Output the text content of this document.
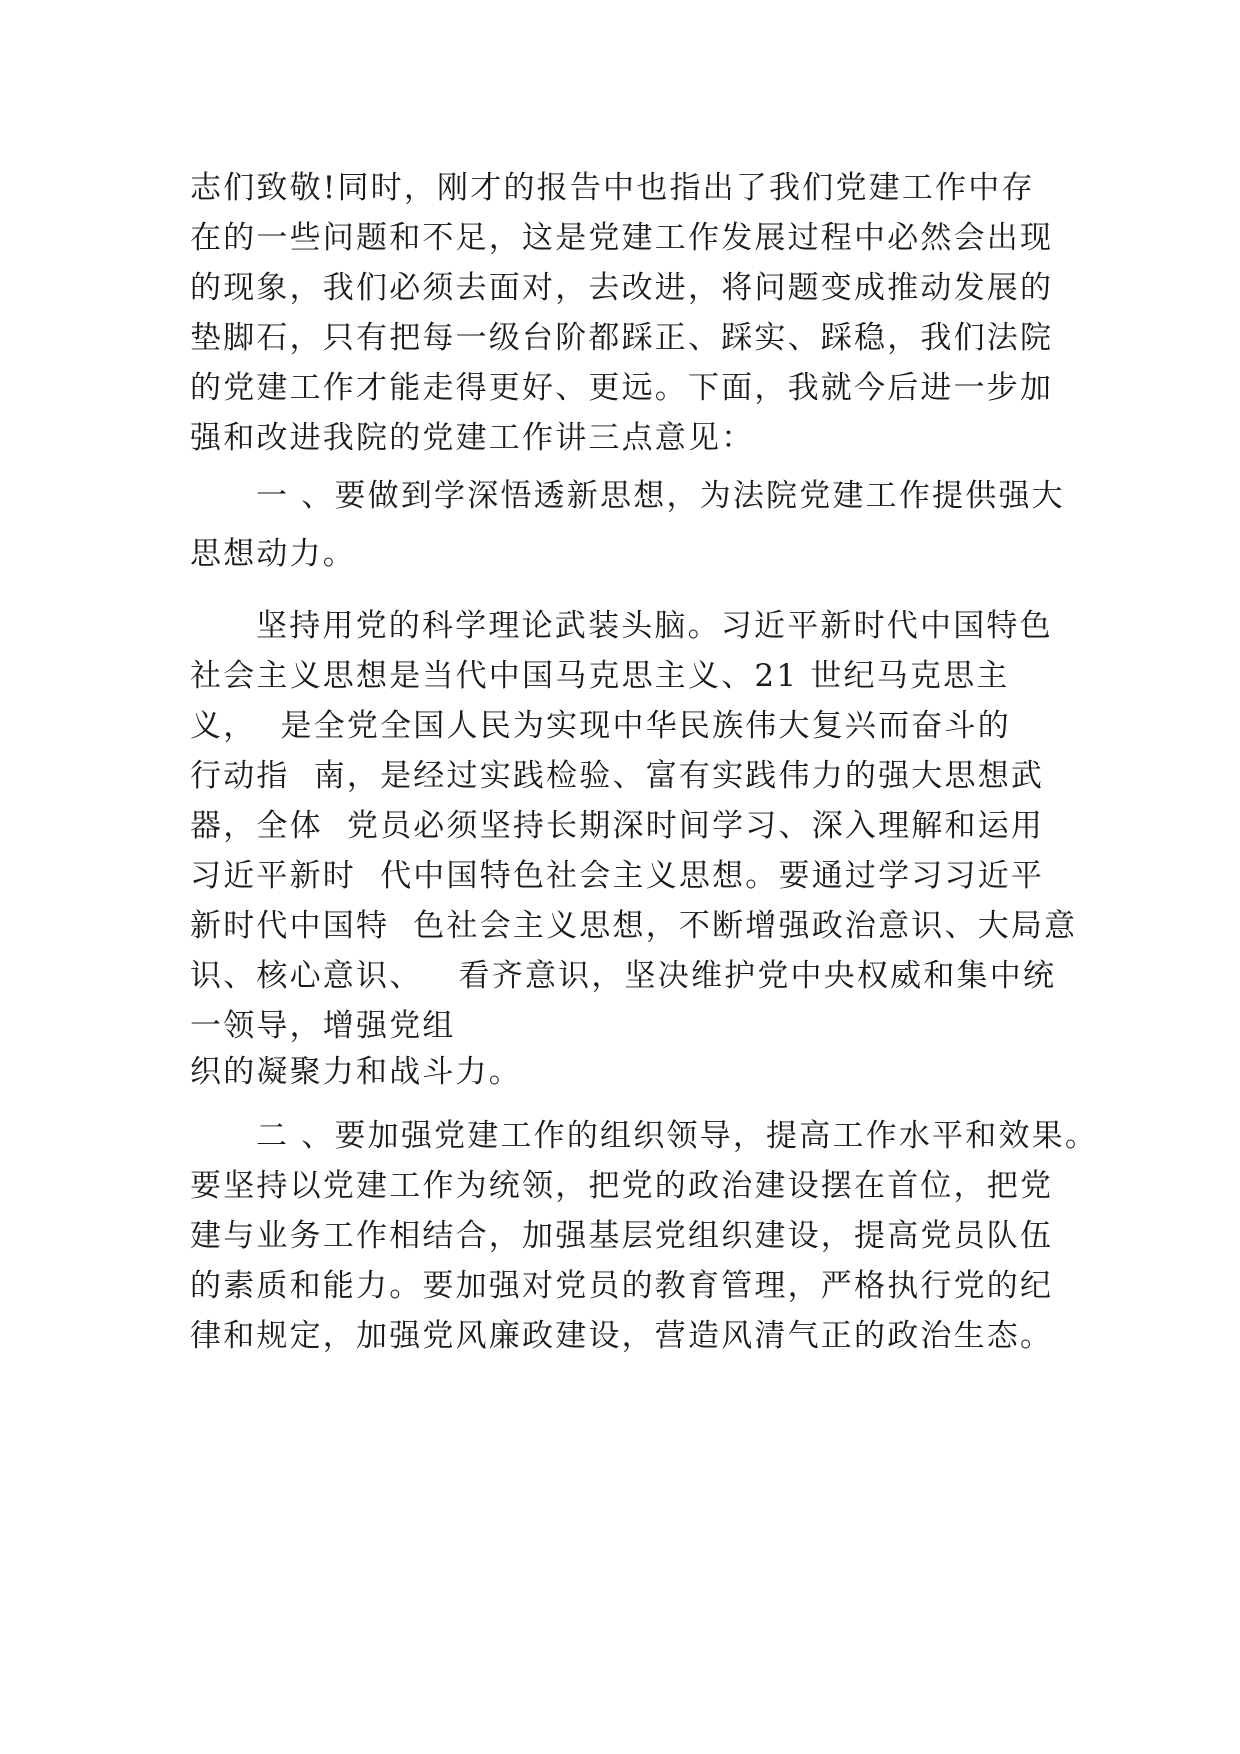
志们致敬!同时，刚才的报告中也指出了我们党建工作中存
在的一些问题和不足，这是党建工作发展过程中必然会出现
的现象，我们必须去面对，去改进，将问题变成推动发展的
垫脚石，只有把每一级台阶都踩正、踩实、踩稳，我们法院
的党建工作才能走得更好、更远。下面，我就今后进一步加
强和改进我院的党建工作讲三点意见：
一 、要做到学深悟透新思想，为法院党建工作提供强大
思想动力。
坚持用党的科学理论武装头脑。习近平新时代中国特色
社会主义思想是当代中国马克思主义、21 世纪马克思主
义，  是全党全国人民为实现中华民族伟大复兴而奋斗的
行动指  南，是经过实践检验、富有实践伟力的强大思想武
器，全体  党员必须坚持长期深时间学习、深入理解和运用
习近平新时  代中国特色社会主义思想。要通过学习习近平
新时代中国特  色社会主义思想，不断增强政治意识、大局意
识、核心意识、   看齐意识，坚决维护党中央权威和集中统
一领导，增强党组
织的凝聚力和战斗力。
二 、要加强党建工作的组织领导，提高工作水平和效果。
要坚持以党建工作为统领，把党的政治建设摆在首位，把党
建与业务工作相结合，加强基层党组织建设，提高党员队伍
的素质和能力。要加强对党员的教育管理，严格执行党的纪
律和规定，加强党风廉政建设，营造风清气正的政治生态。
